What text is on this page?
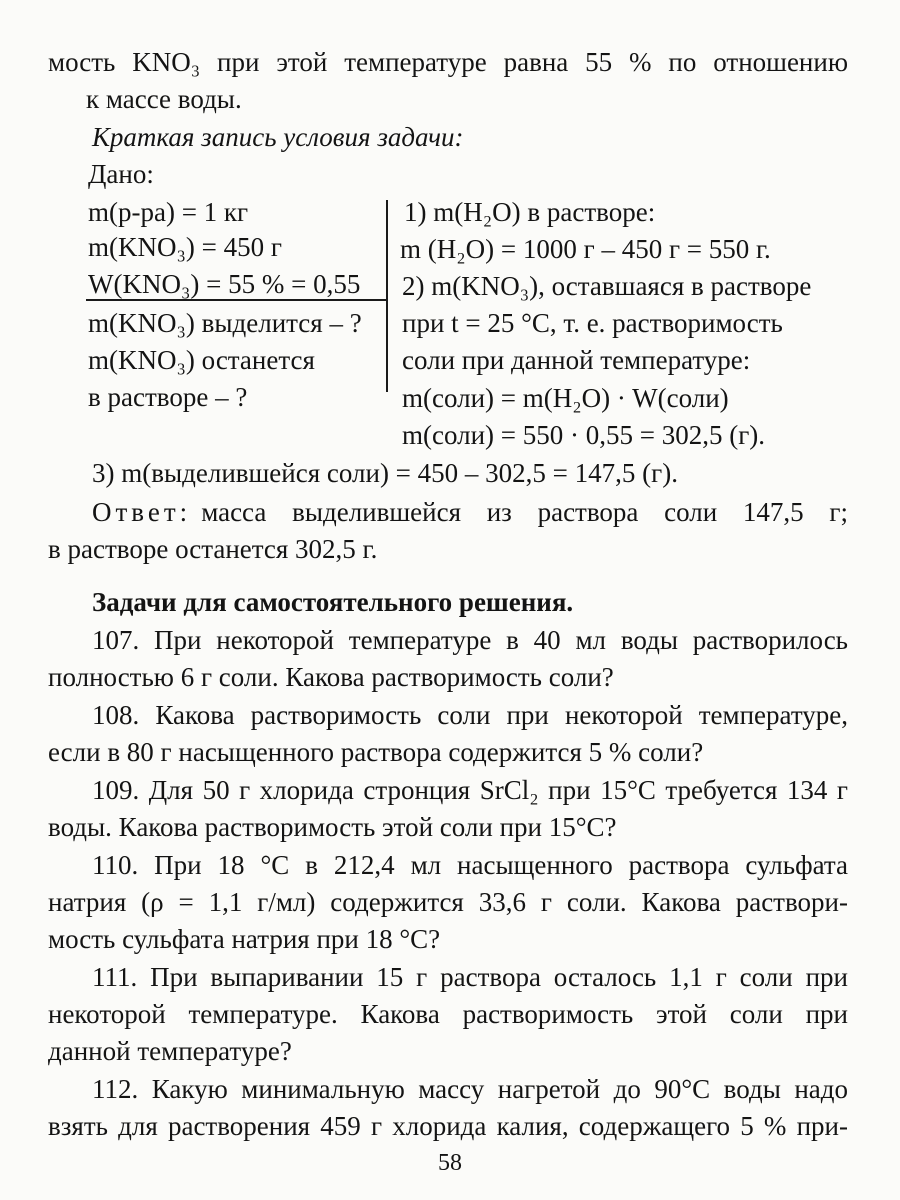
мость KNO₃ при этой температуре равна 55 % по отношению
к массе воды.
Краткая запись условия задачи:
Дано:
m(р-ра) = 1 кг
m(KNO₃) = 450 г
W(KNO₃) = 55 % = 0,55
m(KNO₃) выделится – ?
m(KNO₃) останется
в растворе – ?
1) m(H₂O) в растворе:
m (H₂O) = 1000 г – 450 г = 550 г.
2) m(KNO₃), оставшаяся в растворе
при t = 25 °C, т. е. растворимость
соли при данной температуре:
m(соли) = m(H₂O) · W(соли)
m(соли) = 550 · 0,55 = 302,5 (г).
3) m(выделившейся соли) = 450 – 302,5 = 147,5 (г).
Ответ: масса выделившейся из раствора соли 147,5 г;
в растворе останется 302,5 г.
Задачи для самостоятельного решения.
107. При некоторой температуре в 40 мл воды растворилось
полностью 6 г соли. Какова растворимость соли?
108. Какова растворимость соли при некоторой температуре,
если в 80 г насыщенного раствора содержится 5 % соли?
109. Для 50 г хлорида стронция SrCl₂ при 15°C требуется 134 г
воды. Какова растворимость этой соли при 15°C?
110. При 18 °C в 212,4 мл насыщенного раствора сульфата
натрия (ρ = 1,1 г/мл) содержится 33,6 г соли. Какова раствори-
мость сульфата натрия при 18 °C?
111. При выпаривании 15 г раствора осталось 1,1 г соли при
некоторой температуре. Какова растворимость этой соли при
данной температуре?
112. Какую минимальную массу нагретой до 90°C воды надо
взять для растворения 459 г хлорида калия, содержащего 5 % при-
58
